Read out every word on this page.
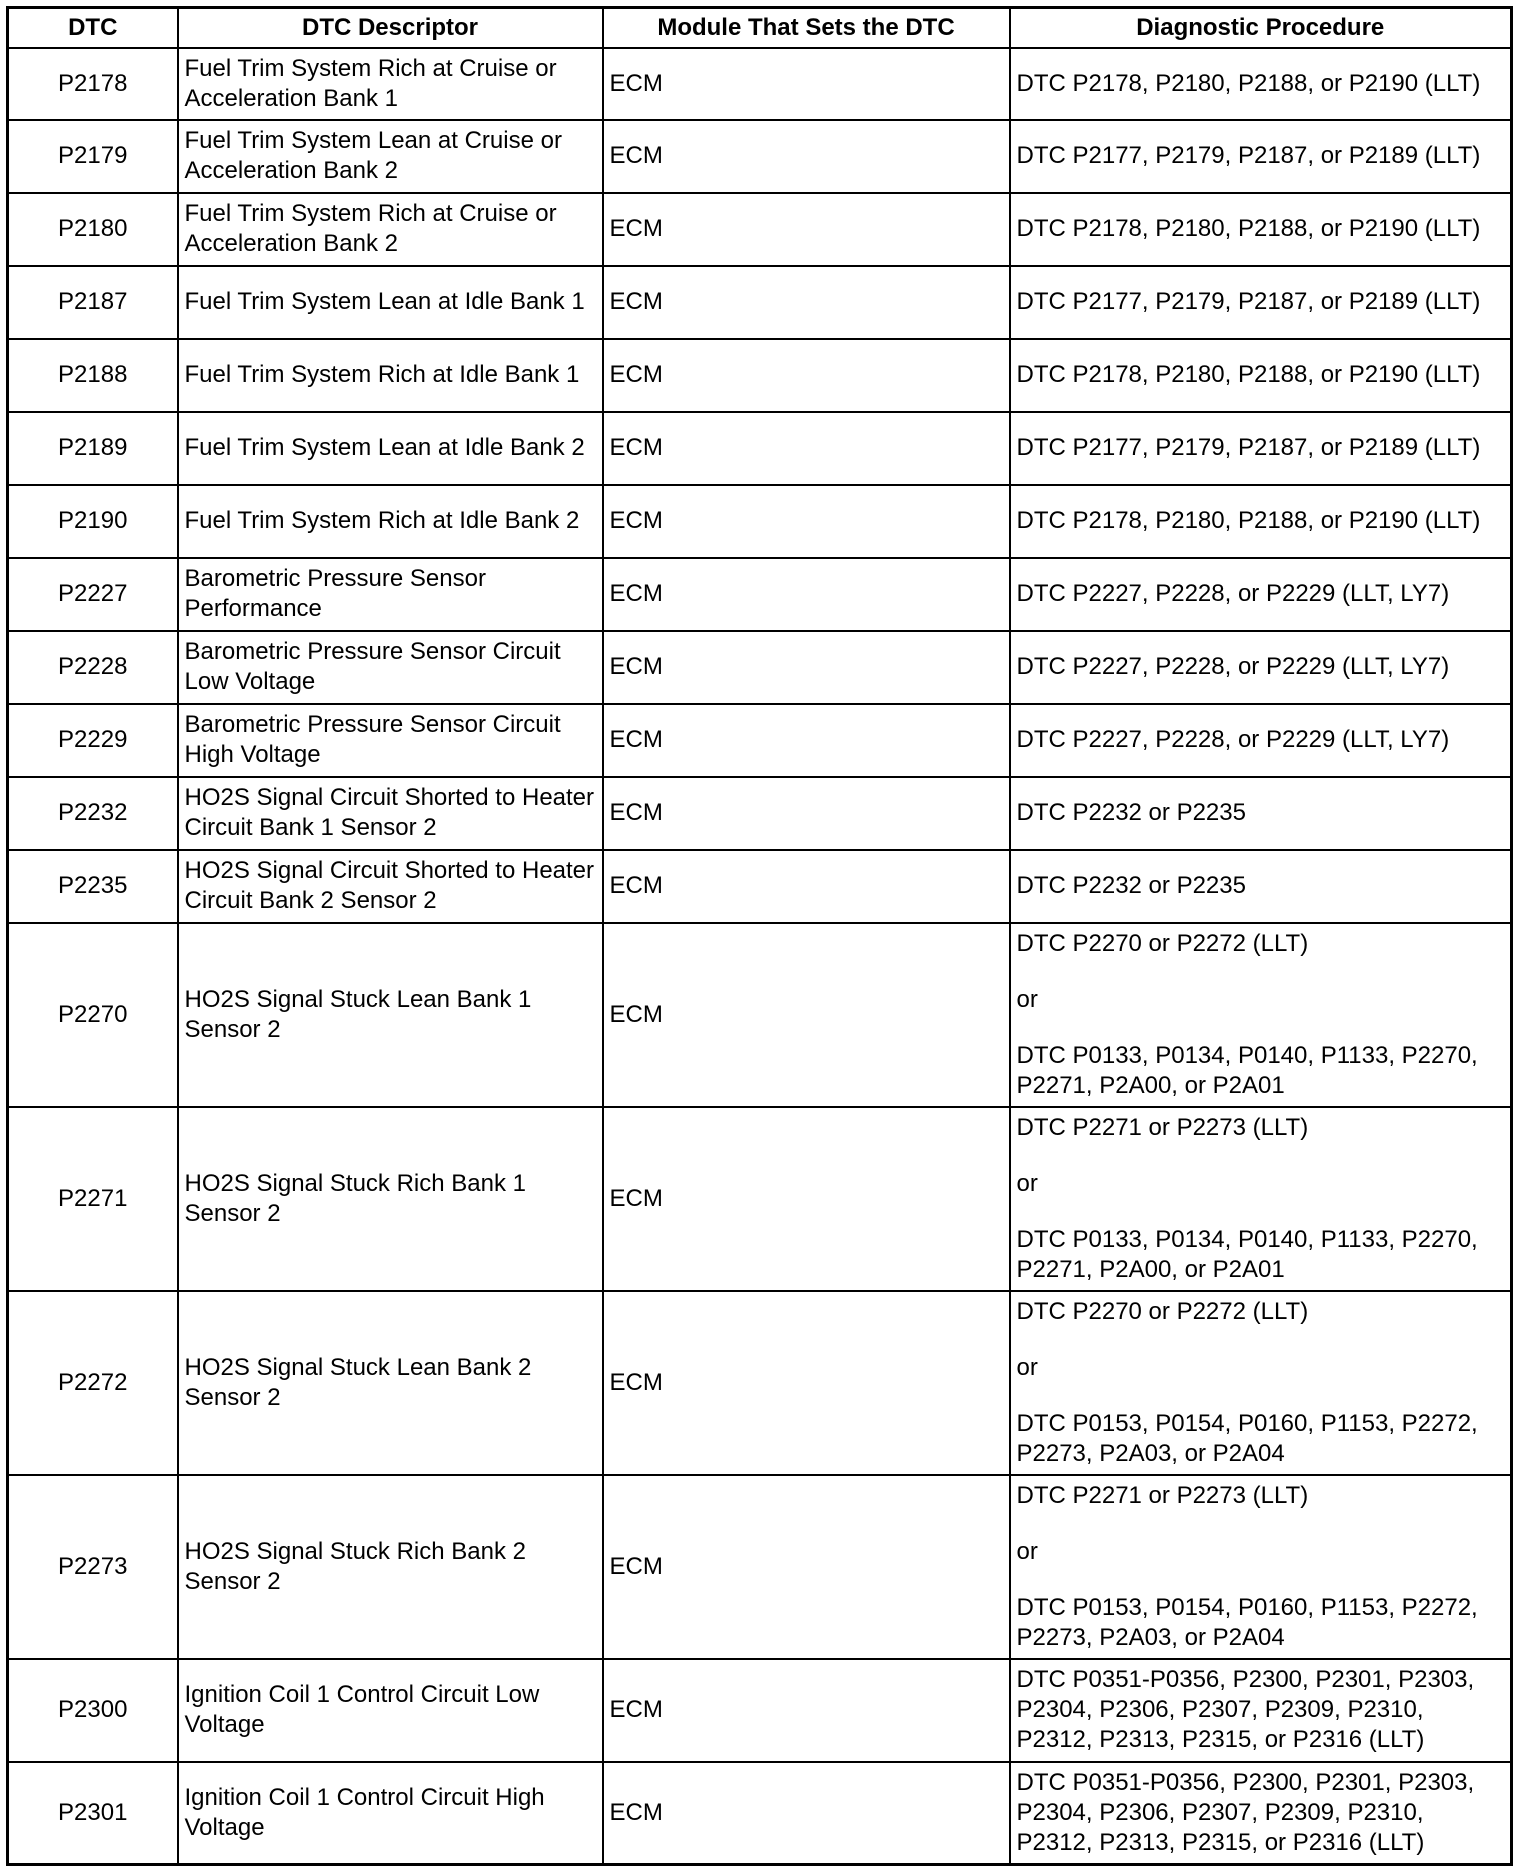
DTC	DTC Descriptor	Module That Sets the DTC	Diagnostic Procedure
P2178	Fuel Trim System Rich at Cruise or Acceleration Bank 1	ECM	DTC P2178, P2180, P2188, or P2190 (LLT)

P2179	Fuel Trim System Lean at Cruise or Acceleration Bank 2	ECM	DTC P2177, P2179, P2187, or P2189 (LLT)

P2180	Fuel Trim System Rich at Cruise or Acceleration Bank 2	ECM	DTC P2178, P2180, P2188, or P2190 (LLT)

P2187	Fuel Trim System Lean at Idle Bank 1	ECM	DTC P2177, P2179, P2187, or P2189 (LLT)

P2188	Fuel Trim System Rich at Idle Bank 1	ECM	DTC P2178, P2180, P2188, or P2190 (LLT)

P2189	Fuel Trim System Lean at Idle Bank 2	ECM	DTC P2177, P2179, P2187, or P2189 (LLT)

P2190	Fuel Trim System Rich at Idle Bank 2	ECM	DTC P2178, P2180, P2188, or P2190 (LLT)

P2227	Barometric Pressure Sensor Performance	ECM	DTC P2227, P2228, or P2229 (LLT, LY7)

P2228	Barometric Pressure Sensor Circuit Low Voltage	ECM	DTC P2227, P2228, or P2229 (LLT, LY7)

P2229	Barometric Pressure Sensor Circuit High Voltage	ECM	DTC P2227, P2228, or P2229 (LLT, LY7)

P2232	HO2S Signal Circuit Shorted to Heater Circuit Bank 1 Sensor 2	ECM	DTC P2232 or P2235

P2235	HO2S Signal Circuit Shorted to Heater Circuit Bank 2 Sensor 2	ECM	DTC P2232 or P2235

P2270	HO2S Signal Stuck Lean Bank 1 Sensor 2	ECM	DTC P2270 or P2272 (LLT)
or
DTC P0133, P0134, P0140, P1133, P2270, P2271, P2A00, or P2A01

P2271	HO2S Signal Stuck Rich Bank 1 Sensor 2	ECM	DTC P2271 or P2273 (LLT)
or
DTC P0133, P0134, P0140, P1133, P2270, P2271, P2A00, or P2A01

P2272	HO2S Signal Stuck Lean Bank 2 Sensor 2	ECM	DTC P2270 or P2272 (LLT)
or
DTC P0153, P0154, P0160, P1153, P2272, P2273, P2A03, or P2A04

P2273	HO2S Signal Stuck Rich Bank 2 Sensor 2	ECM	DTC P2271 or P2273 (LLT)
or
DTC P0153, P0154, P0160, P1153, P2272, P2273, P2A03, or P2A04

P2300	Ignition Coil 1 Control Circuit Low Voltage	ECM	DTC P0351-P0356, P2300, P2301, P2303, P2304, P2306, P2307, P2309, P2310, P2312, P2313, P2315, or P2316 (LLT)

P2301	Ignition Coil 1 Control Circuit High Voltage	ECM	DTC P0351-P0356, P2300, P2301, P2303, P2304, P2306, P2307, P2309, P2310, P2312, P2313, P2315, or P2316 (LLT)
